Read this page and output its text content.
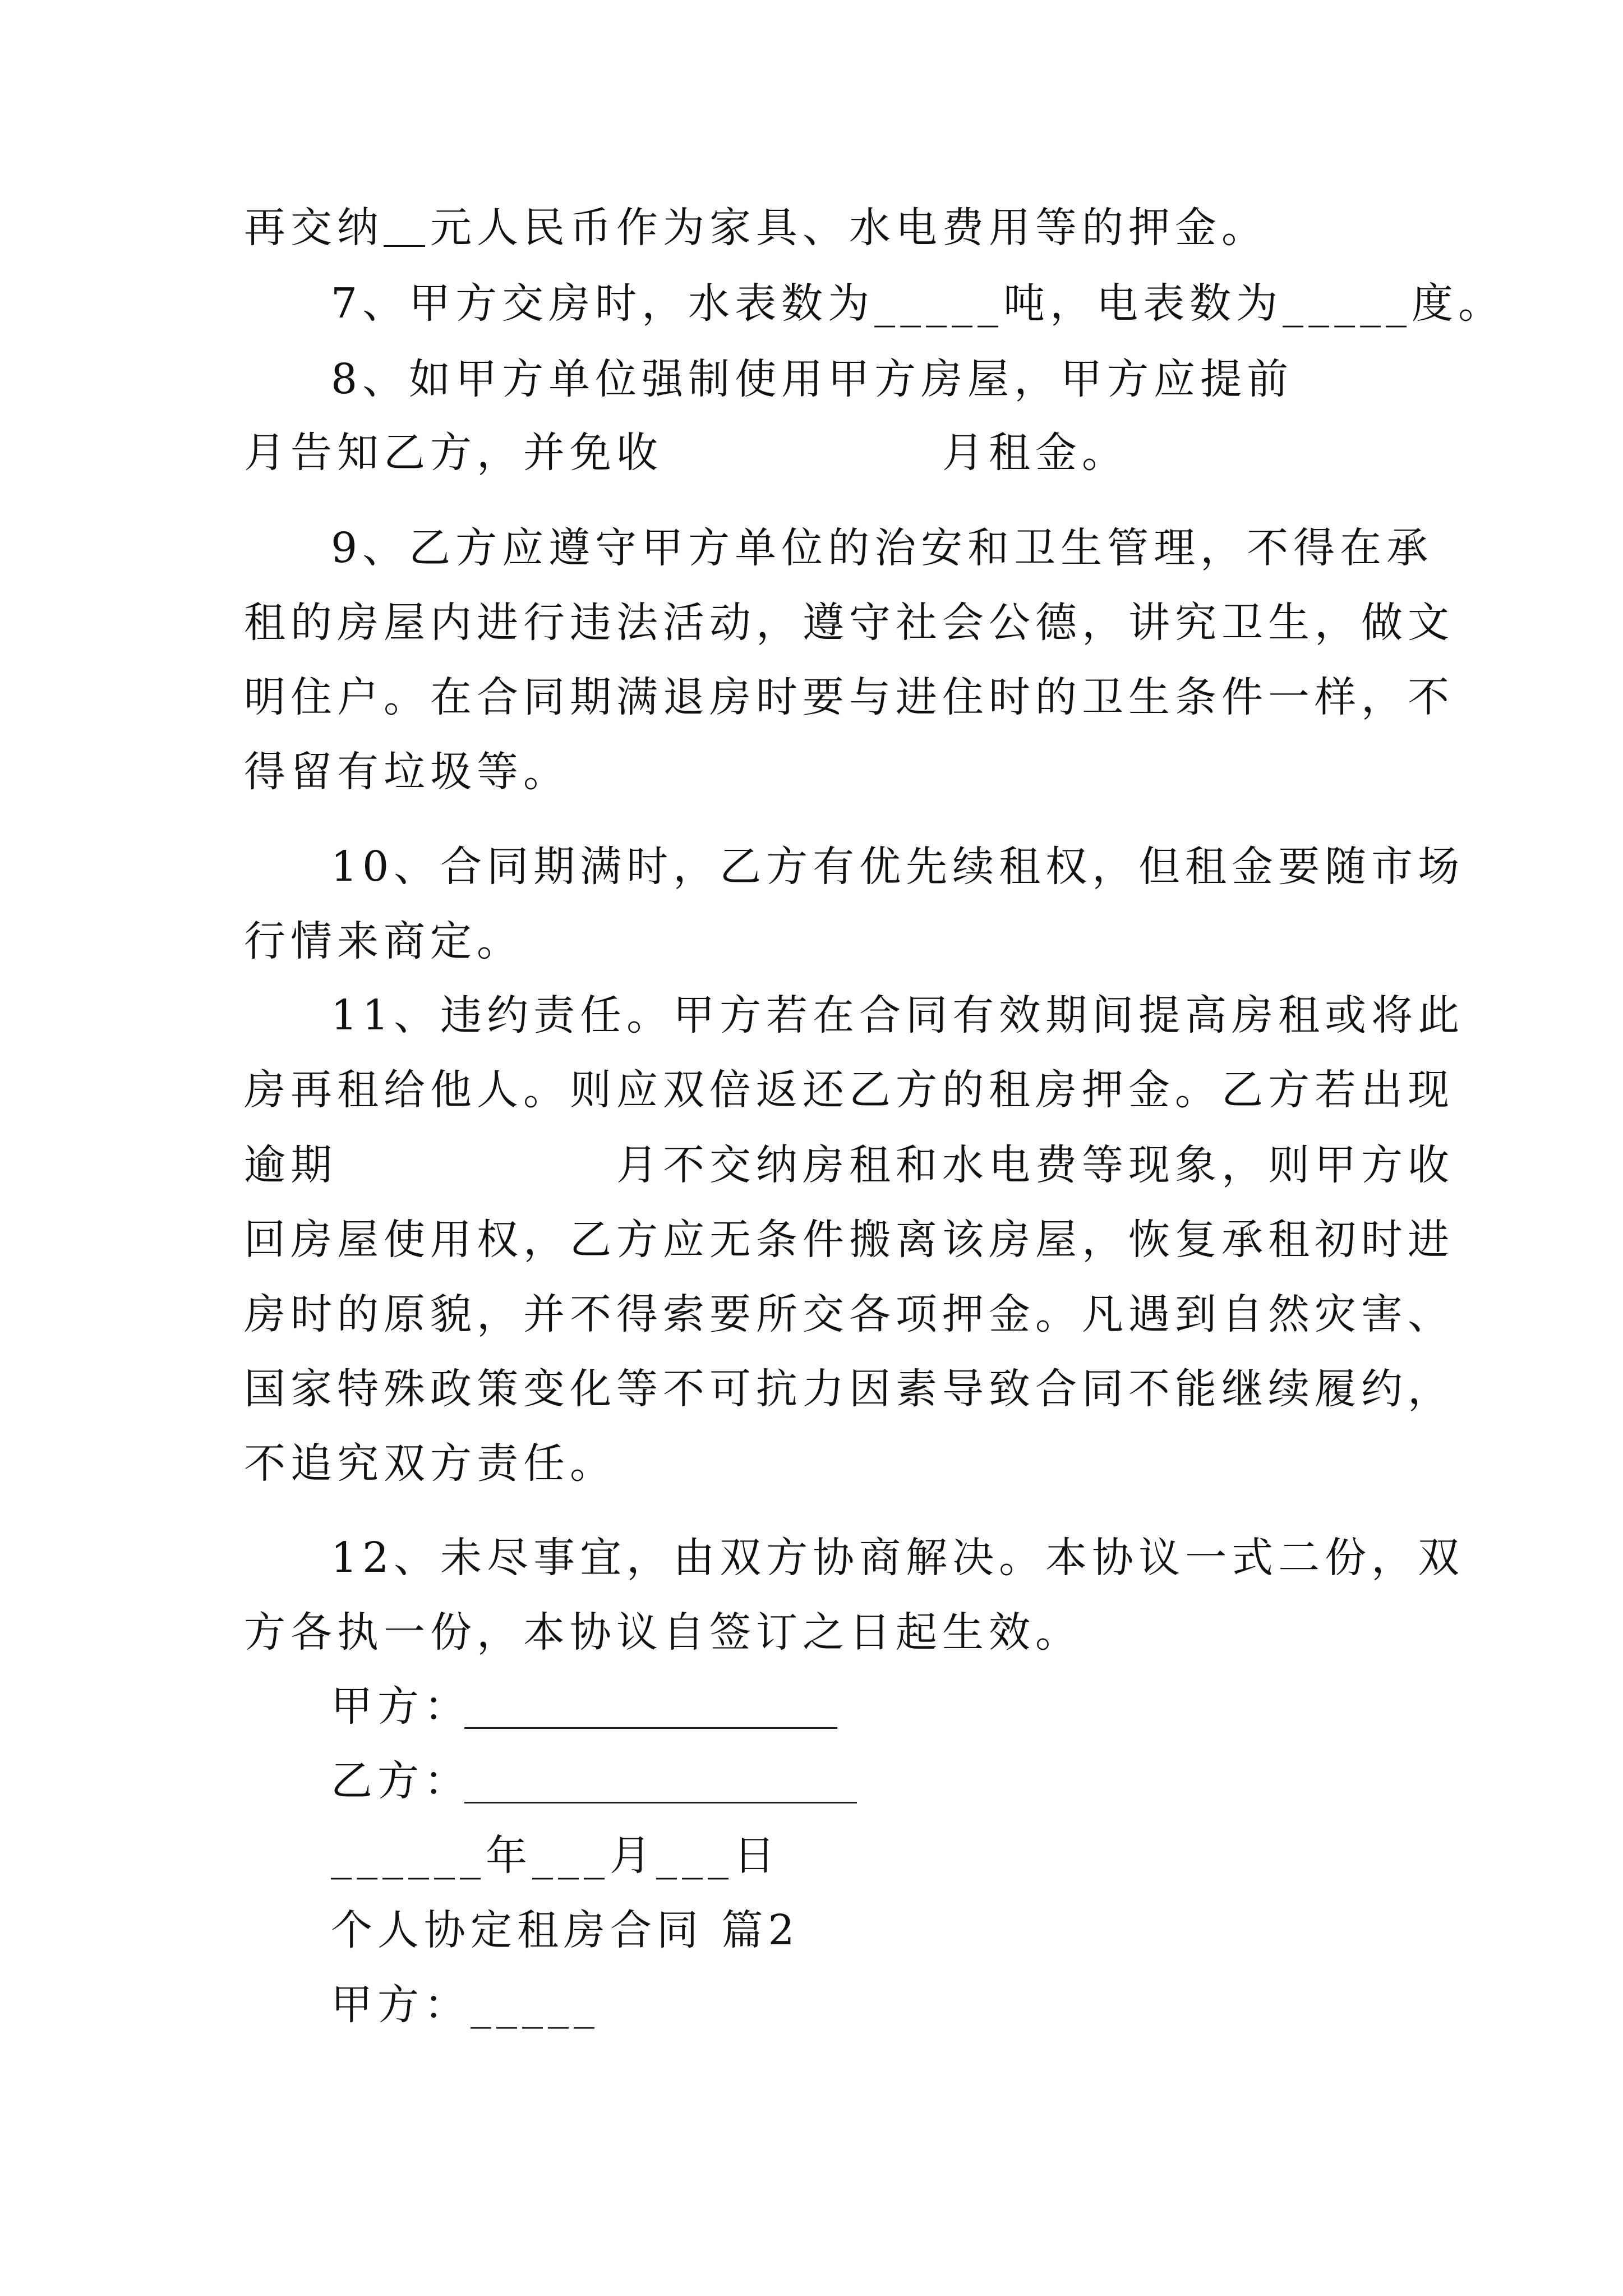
再交纳＿元人民币作为家具、水电费用等的押金。
7、甲方交房时，水表数为_____吨，电表数为_____度。
8、如甲方单位强制使用甲方房屋，甲方应提前
月告知乙方，并免收　　　　　　月租金。
9、乙方应遵守甲方单位的治安和卫生管理，不得在承
租的房屋内进行违法活动，遵守社会公德，讲究卫生，做文
明住户。在合同期满退房时要与进住时的卫生条件一样，不
得留有垃圾等。
10、合同期满时，乙方有优先续租权，但租金要随市场
行情来商定。
11、违约责任。甲方若在合同有效期间提高房租或将此
房再租给他人。则应双倍返还乙方的租房押金。乙方若出现
逾期　　　　　　月不交纳房租和水电费等现象，则甲方收
回房屋使用权，乙方应无条件搬离该房屋，恢复承租初时进
房时的原貌，并不得索要所交各项押金。凡遇到自然灾害、
国家特殊政策变化等不可抗力因素导致合同不能继续履约，
不追究双方责任。
12、未尽事宜，由双方协商解决。本协议一式二份，双
方各执一份，本协议自签订之日起生效。
甲方：
乙方：
______年___月___日
个人协定租房合同 篇2
甲方：_____
